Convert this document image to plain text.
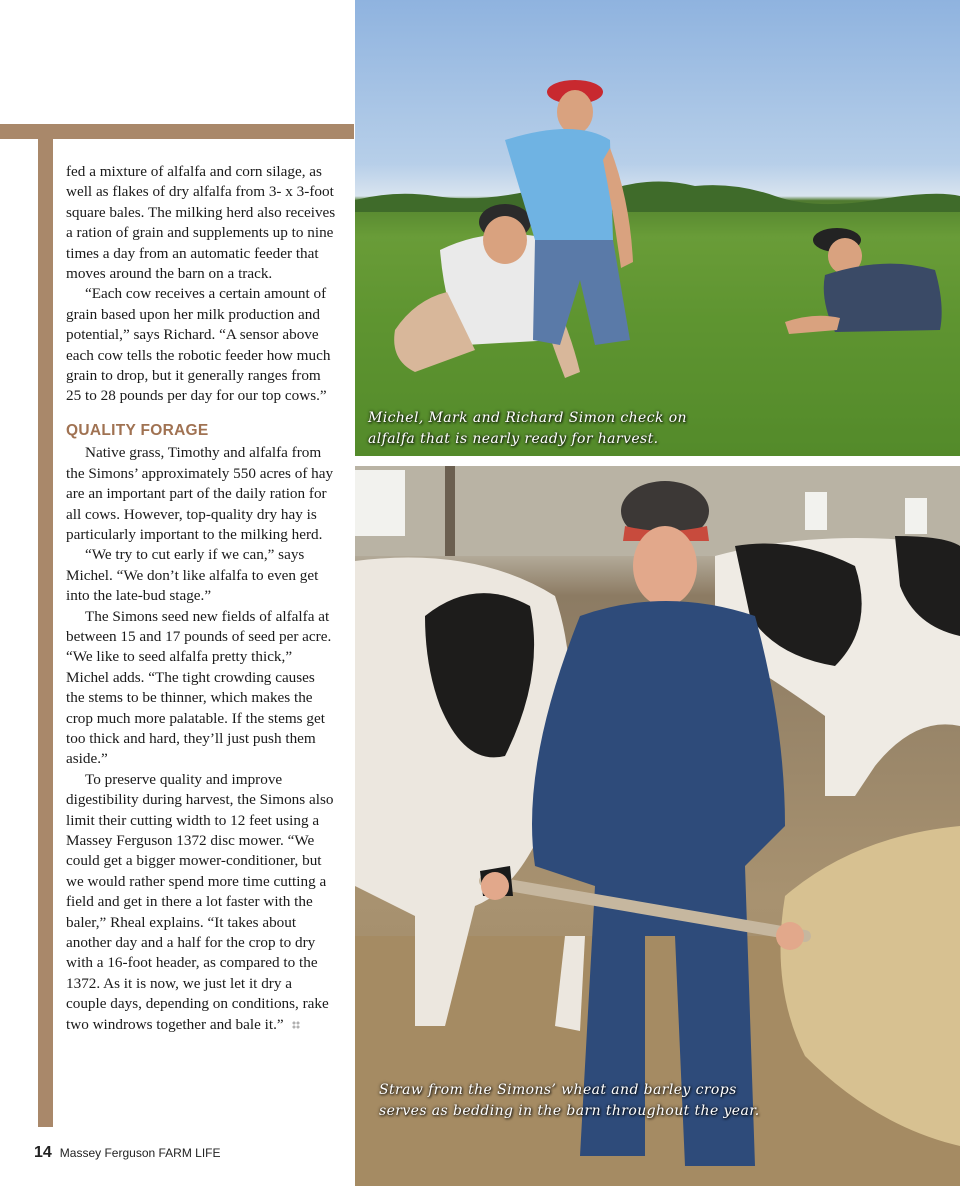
fed a mixture of alfalfa and corn silage, as well as flakes of dry alfalfa from 3- x 3-foot square bales. The milking herd also receives a ration of grain and supplements up to nine times a day from an automatic feeder that moves around the barn on a track.

“Each cow receives a certain amount of grain based upon her milk production and potential,” says Richard. “A sensor above each cow tells the robotic feeder how much grain to drop, but it generally ranges from 25 to 28 pounds per day for our top cows.”

QUALITY FORAGE

Native grass, Timothy and alfalfa from the Simons’ approximately 550 acres of hay are an important part of the daily ration for all cows. However, top-quality dry hay is particularly important to the milking herd.

“We try to cut early if we can,” says Michel. “We don’t like alfalfa to even get into the late-bud stage.”

The Simons seed new fields of alfalfa at between 15 and 17 pounds of seed per acre. “We like to seed alfalfa pretty thick,” Michel adds. “The tight crowding causes the stems to be thinner, which makes the crop much more palatable. If the stems get too thick and hard, they’ll just push them aside.”

To preserve quality and improve digestibility during harvest, the Simons also limit their cutting width to 12 feet using a Massey Ferguson 1372 disc mower. “We could get a bigger mower-conditioner, but we would rather spend more time cutting a field and get in there a lot faster with the baler,” Rheal explains. “It takes about another day and a half for the crop to dry with a 16-foot header, as compared to the 1372. As it is now, we just let it dry a couple days, depending on conditions, rake two windrows together and bale it.”

14 Massey Ferguson FARM LIFE
Michel, Mark and Richard Simon check on
alfalfa that is nearly ready for harvest.
Straw from the Simons’ wheat and barley crops
serves as bedding in the barn throughout the year.
